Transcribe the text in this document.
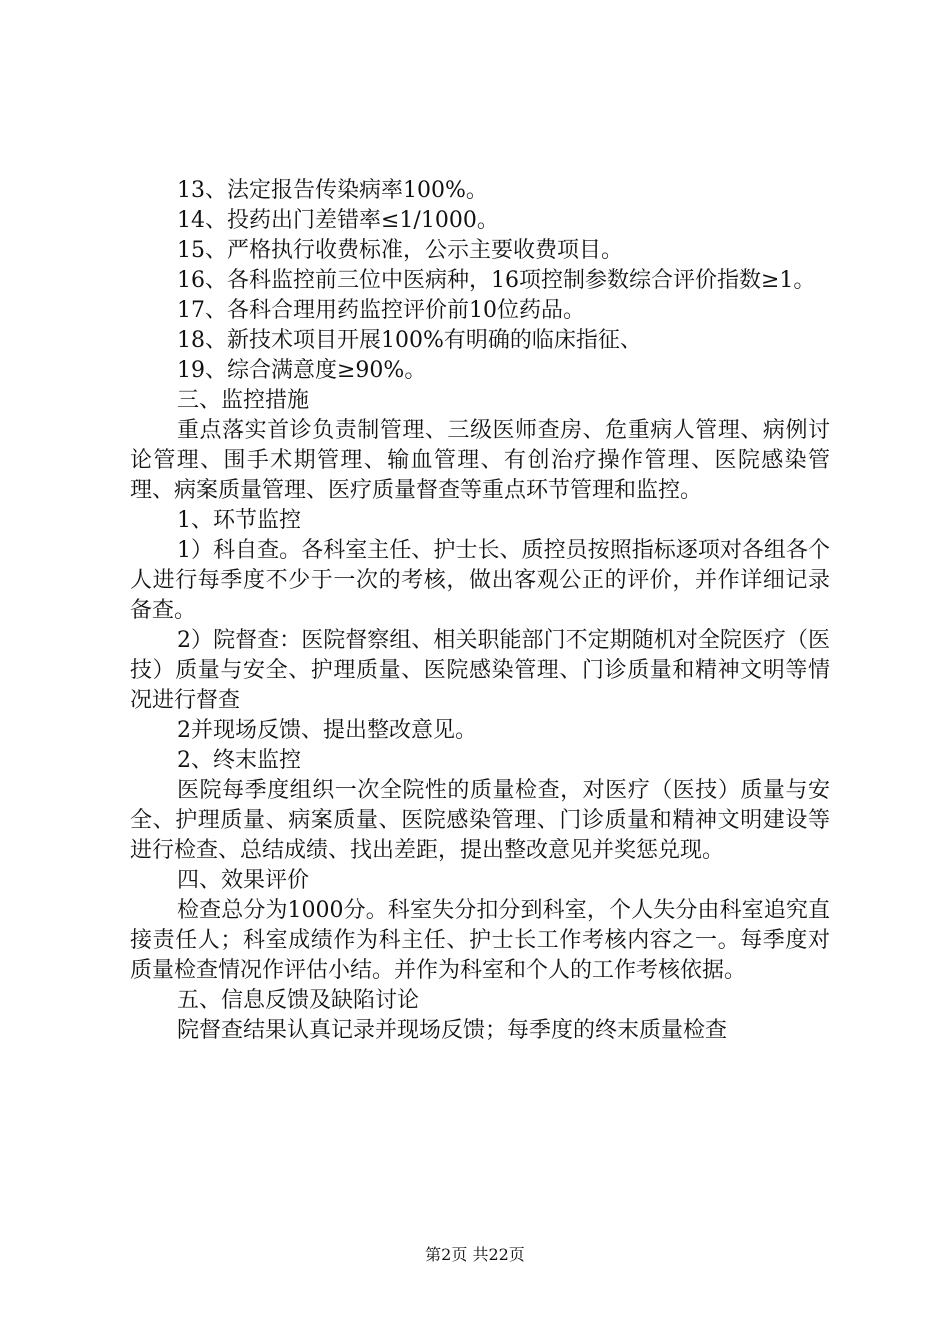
13、法定报告传染病率100%。

14、投药出门差错率≤1/1000。

15、严格执行收费标准，公示主要收费项目。

16、各科监控前三位中医病种，16项控制参数综合评价指数≥1。

17、各科合理用药监控评价前10位药品。

18、新技术项目开展100%有明确的临床指征、

19、综合满意度≥90%。

三、监控措施

重点落实首诊负责制管理、三级医师查房、危重病人管理、病例讨论管理、围手术期管理、输血管理、有创治疗操作管理、医院感染管理、病案质量管理、医疗质量督查等重点环节管理和监控。

1、环节监控

1）科自查。各科室主任、护士长、质控员按照指标逐项对各组各个人进行每季度不少于一次的考核，做出客观公正的评价，并作详细记录备查。

2）院督查：医院督察组、相关职能部门不定期随机对全院医疗（医技）质量与安全、护理质量、医院感染管理、门诊质量和精神文明等情况进行督查

2并现场反馈、提出整改意见。

2、终末监控

医院每季度组织一次全院性的质量检查，对医疗（医技）质量与安全、护理质量、病案质量、医院感染管理、门诊质量和精神文明建设等进行检查、总结成绩、找出差距，提出整改意见并奖惩兑现。

四、效果评价

检查总分为1000分。科室失分扣分到科室，个人失分由科室追究直接责任人；科室成绩作为科主任、护士长工作考核内容之一。每季度对质量检查情况作评估小结。并作为科室和个人的工作考核依据。

五、信息反馈及缺陷讨论

院督查结果认真记录并现场反馈；每季度的终末质量检查

第2页 共22页
